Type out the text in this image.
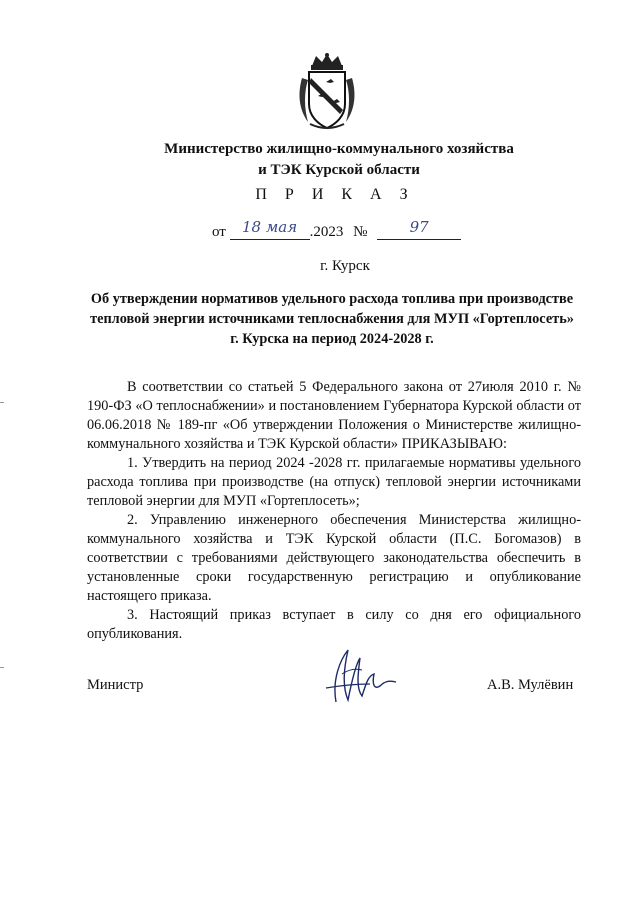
Министерство жилищно-коммунального хозяйства
и ТЭК Курской области
П Р И К А З
от 18 мая .2023 №	97
г. Курск
Об утверждении нормативов удельного расхода топлива при производстве тепловой энергии источниками теплоснабжения для МУП «Гортеплосеть» г. Курска на период 2024-2028 г.

В соответствии со статьей 5 Федерального закона от 27июля 2010 г. № 190-ФЗ «О теплоснабжении» и постановлением Губернатора Курской области от 06.06.2018 № 189-пг «Об утверждении Положения о Министерстве жилищно-коммунального хозяйства и ТЭК Курской области» ПРИКАЗЫВАЮ:

1. Утвердить на период 2024 -2028 гг. прилагаемые нормативы удельного расхода топлива при производстве (на отпуск) тепловой энергии источниками тепловой энергии для МУП «Гортеплосеть»;

2. Управлению инженерного обеспечения Министерства жилищно-коммунального хозяйства и ТЭК Курской области (П.С. Богомазов) в соответствии с требованиями действующего законодательства обеспечить в установленные сроки государственную регистрацию и опубликование настоящего приказа.

3. Настоящий приказ вступает в силу со дня его официального опубликования.

Министр	А.В. Мулёвин
